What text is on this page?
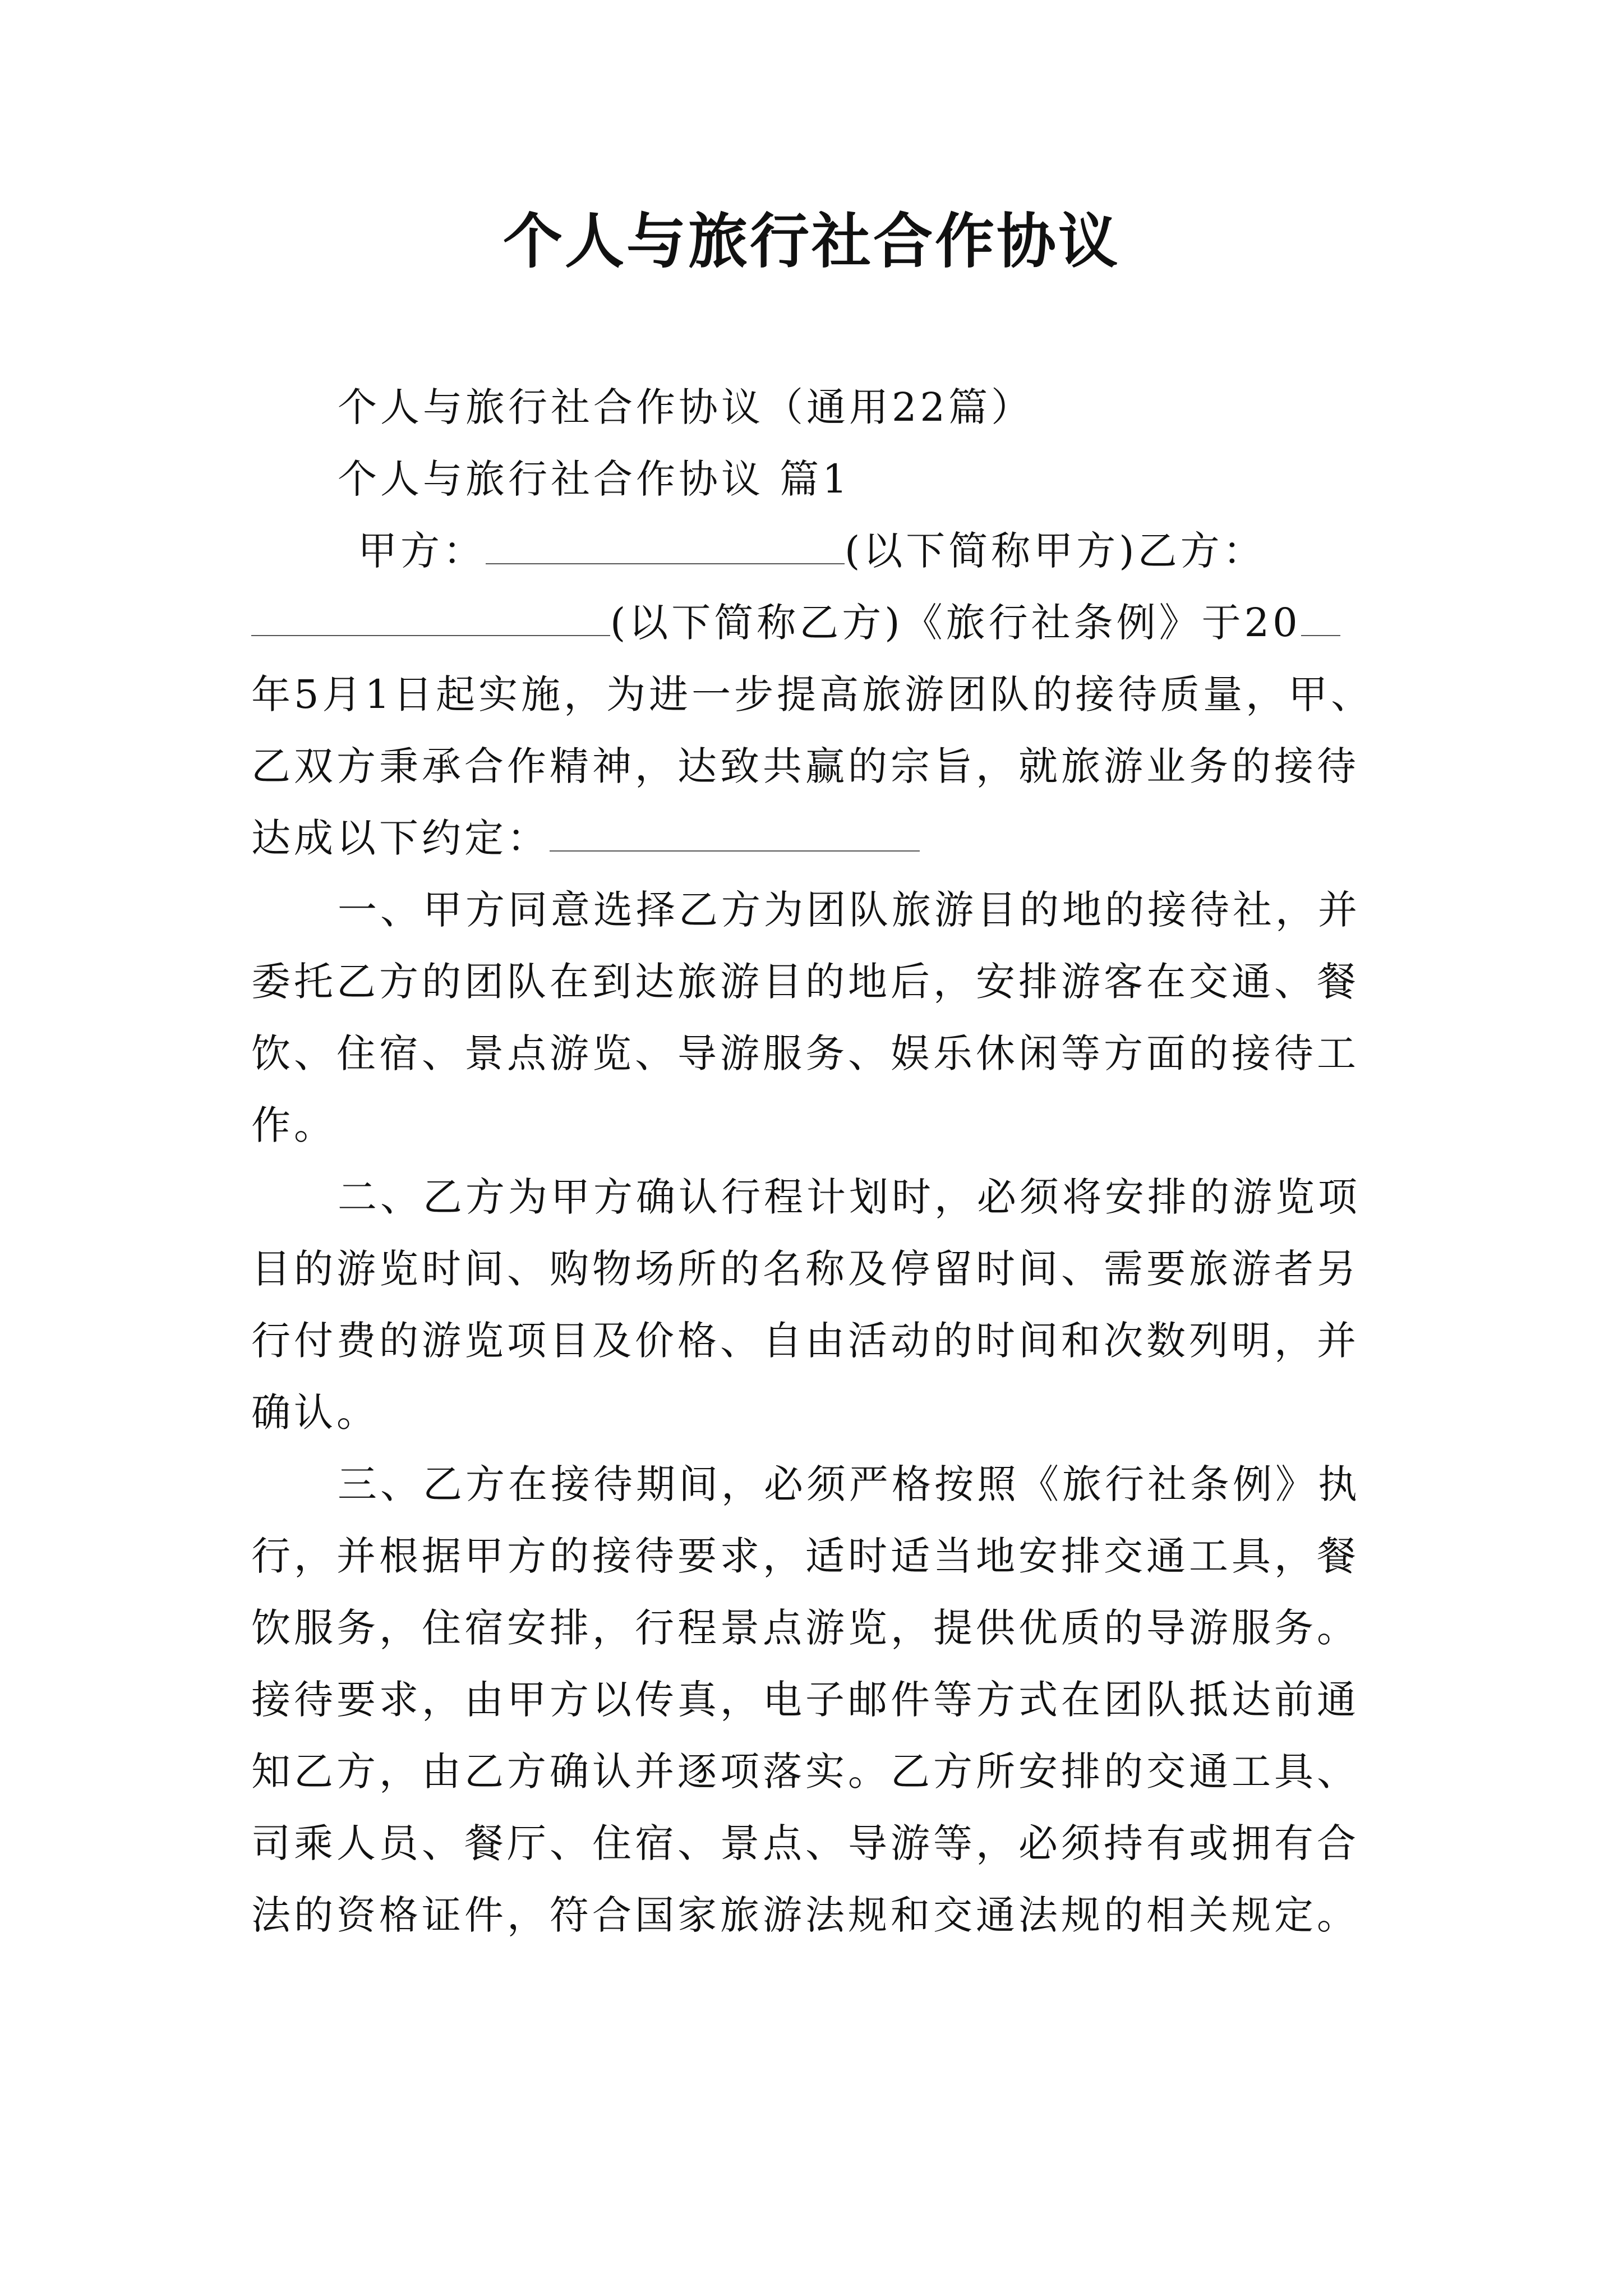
个人与旅行社合作协议
个人与旅行社合作协议（通用22篇）
个人与旅行社合作协议 篇1
甲方：	(以下简称甲方)乙方：
(以下简称乙方)《旅行社条例》于20
年5月1日起实施，为进一步提高旅游团队的接待质量，甲、
乙双方秉承合作精神，达致共赢的宗旨，就旅游业务的接待
达成以下约定：
一、甲方同意选择乙方为团队旅游目的地的接待社，并
委托乙方的团队在到达旅游目的地后，安排游客在交通、餐
饮、住宿、景点游览、导游服务、娱乐休闲等方面的接待工
作。
二、乙方为甲方确认行程计划时，必须将安排的游览项
目的游览时间、购物场所的名称及停留时间、需要旅游者另
行付费的游览项目及价格、自由活动的时间和次数列明，并
确认。
三、乙方在接待期间，必须严格按照《旅行社条例》执
行，并根据甲方的接待要求，适时适当地安排交通工具，餐
饮服务，住宿安排，行程景点游览，提供优质的导游服务。
接待要求，由甲方以传真，电子邮件等方式在团队抵达前通
知乙方，由乙方确认并逐项落实。乙方所安排的交通工具、
司乘人员、餐厅、住宿、景点、导游等，必须持有或拥有合
法的资格证件，符合国家旅游法规和交通法规的相关规定。
